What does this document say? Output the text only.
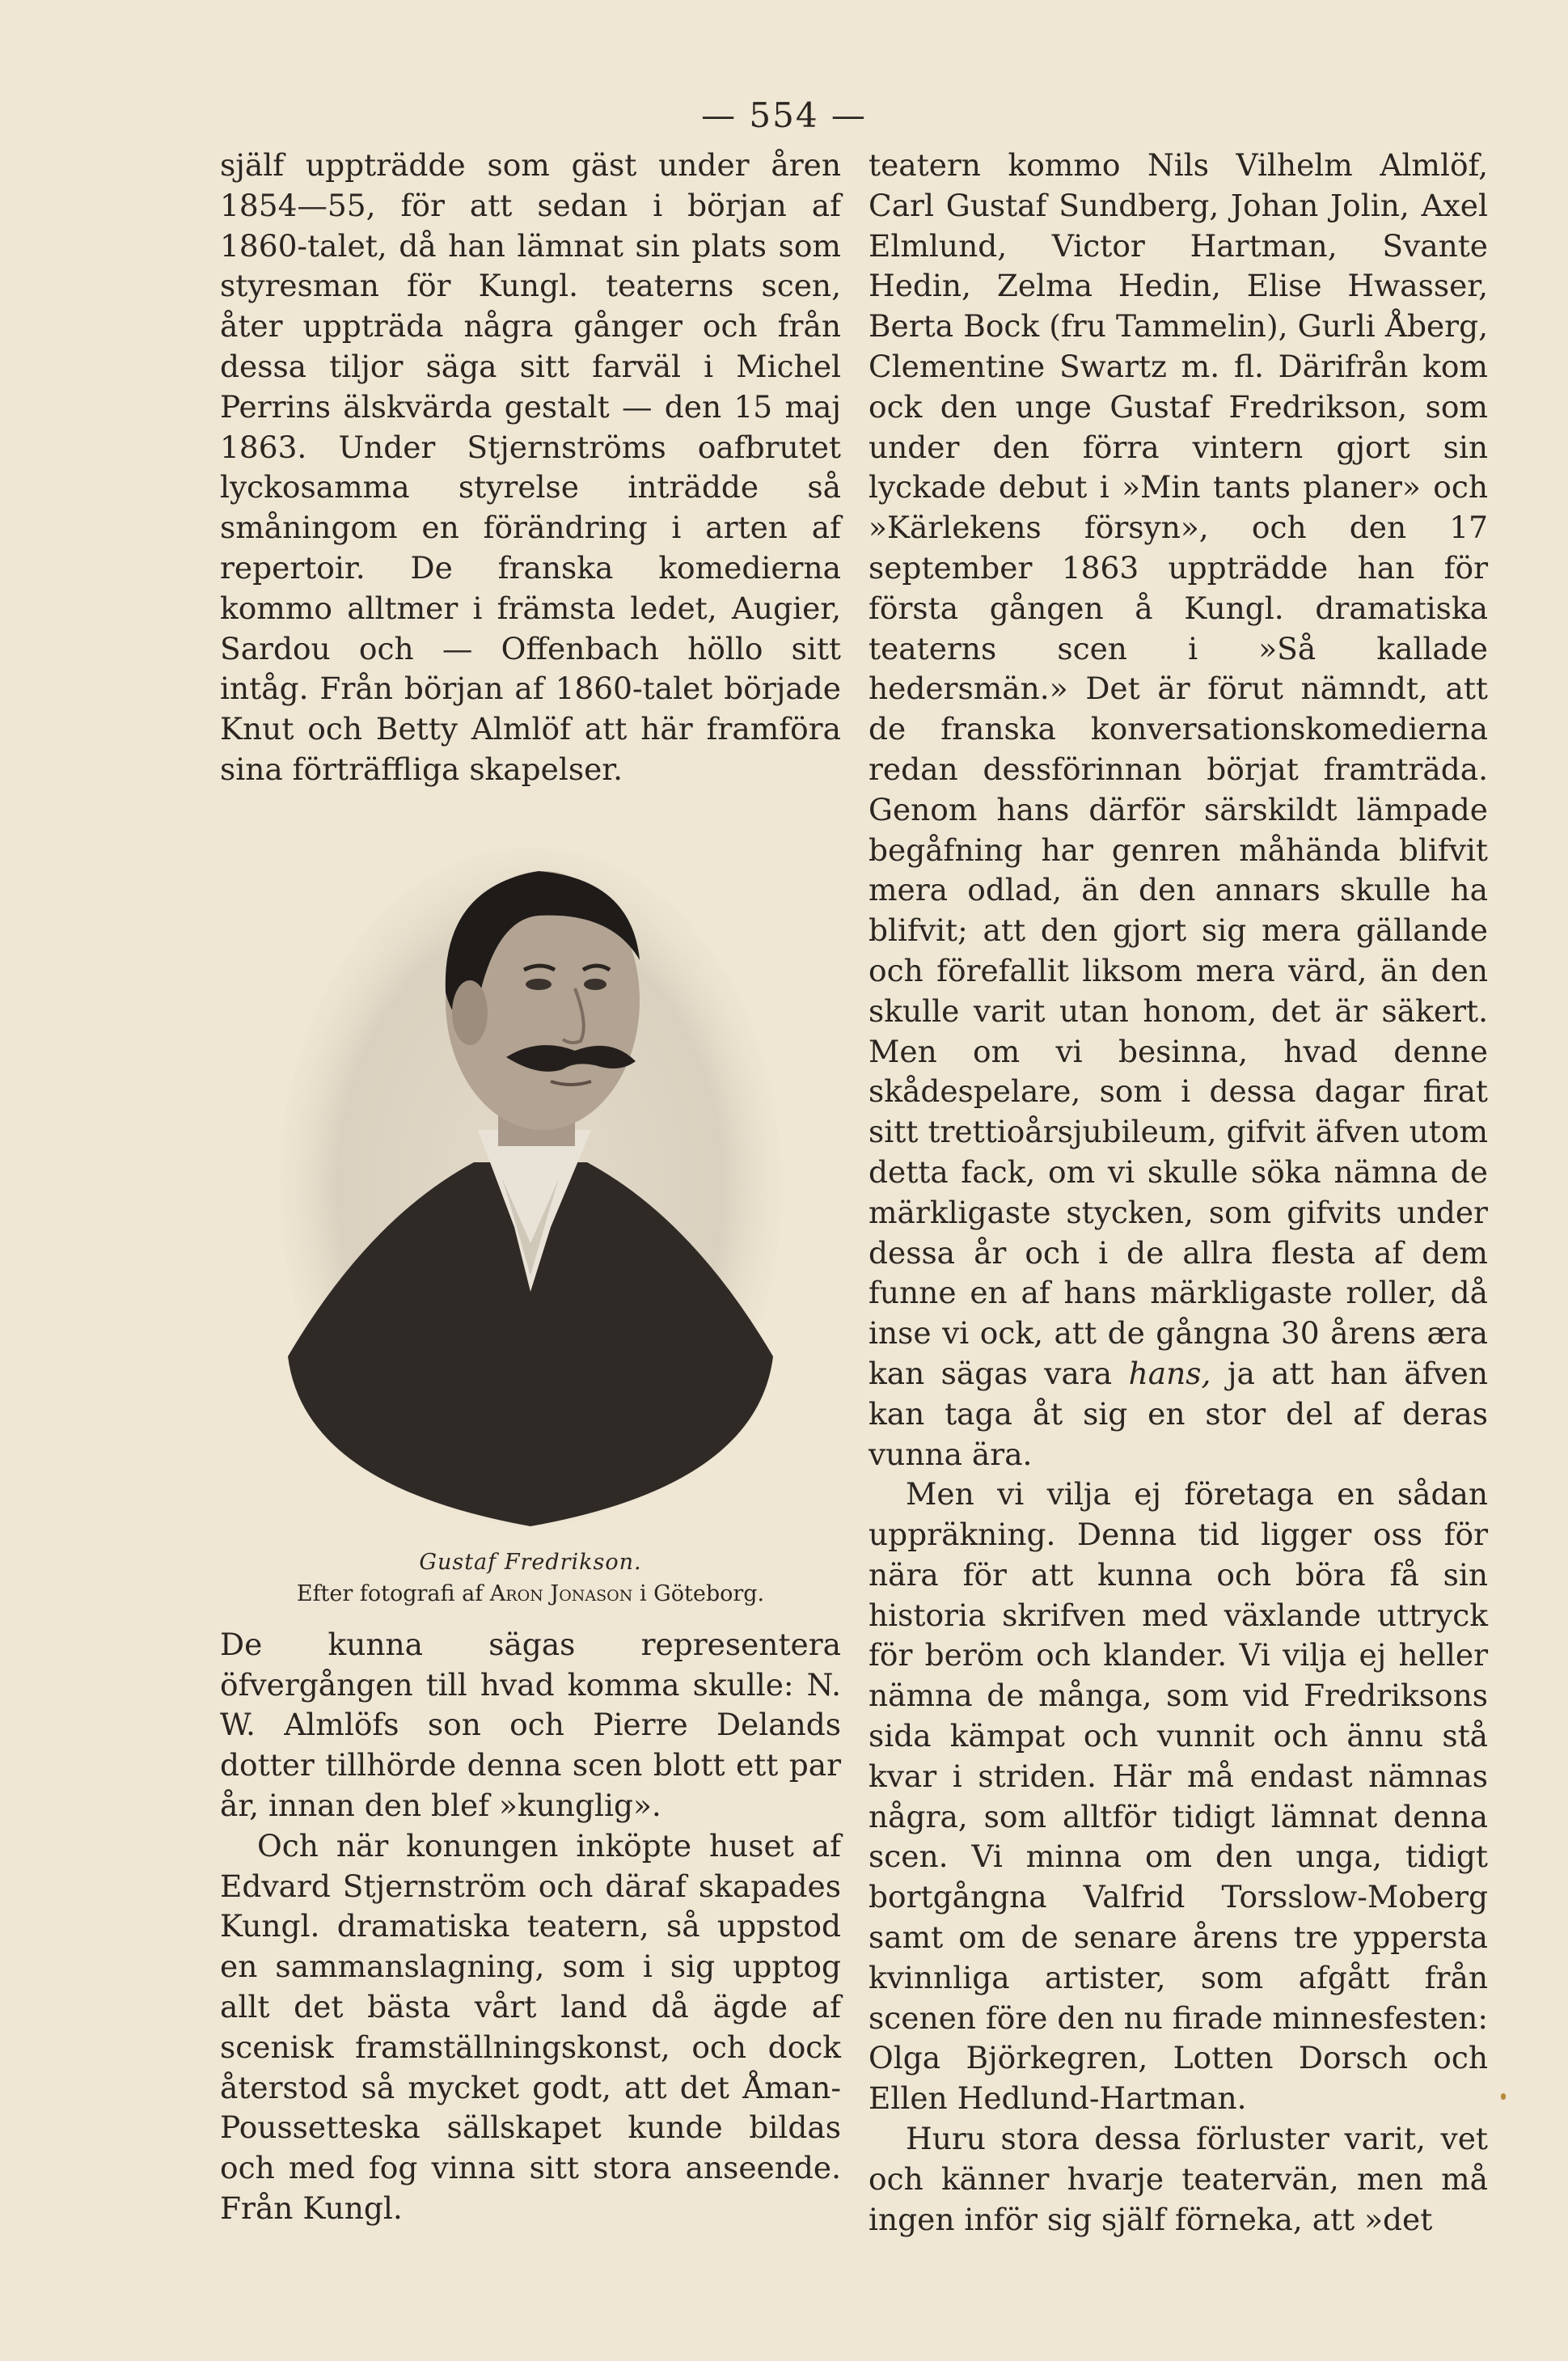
— 554 —

själf uppträdde som gäst under åren 1854—55, för att sedan i början af 1860-talet, då han lämnat sin plats som styresman för Kungl. teaterns scen, åter uppträda några gånger och från dessa tiljor säga sitt farväl i Michel Perrins älskvärda gestalt — den 15 maj 1863. Under Stjernströms oafbrutet lyckosamma styrelse inträdde så småningom en förändring i arten af repertoir. De franska komedierna kommo alltmer i främsta ledet, Augier, Sardou och — Offenbach höllo sitt intåg. Från början af 1860-talet började Knut och Betty Almlöf att här framföra sina förträffliga skapelser.

Gustaf Fredrikson.
Efter fotografi af Aron Jonason i Göteborg.

De kunna sägas representera öfvergången till hvad komma skulle: N. W. Almlöfs son och Pierre Delands dotter tillhörde denna scen blott ett par år, innan den blef »kunglig».

Och när konungen inköpte huset af Edvard Stjernström och däraf skapades Kungl. dramatiska teatern, så uppstod en sammanslagning, som i sig upptog allt det bästa vårt land då ägde af scenisk framställningskonst, och dock återstod så mycket godt, att det Åman-Poussetteska sällskapet kunde bildas och med fog vinna sitt stora anseende. Från Kungl.

teatern kommo Nils Vilhelm Almlöf, Carl Gustaf Sundberg, Johan Jolin, Axel Elmlund, Victor Hartman, Svante Hedin, Zelma Hedin, Elise Hwasser, Berta Bock (fru Tammelin), Gurli Åberg, Clementine Swartz m. fl. Därifrån kom ock den unge Gustaf Fredrikson, som under den förra vintern gjort sin lyckade debut i »Min tants planer» och »Kärlekens försyn», och den 17 september 1863 uppträdde han för första gången å Kungl. dramatiska teaterns scen i »Så kallade hedersmän.» Det är förut nämndt, att de franska konversationskomedierna redan dessförinnan börjat framträda. Genom hans därför särskildt lämpade begåfning har genren måhända blifvit mera odlad, än den annars skulle ha blifvit; att den gjort sig mera gällande och förefallit liksom mera värd, än den skulle varit utan honom, det är säkert. Men om vi besinna, hvad denne skådespelare, som i dessa dagar firat sitt trettioårsjubileum, gifvit äfven utom detta fack, om vi skulle söka nämna de märkligaste stycken, som gifvits under dessa år och i de allra flesta af dem funne en af hans märkligaste roller, då inse vi ock, att de gångna 30 årens æra kan sägas vara hans, ja att han äfven kan taga åt sig en stor del af deras vunna ära.

Men vi vilja ej företaga en sådan uppräkning. Denna tid ligger oss för nära för att kunna och böra få sin historia skrifven med växlande uttryck för beröm och klander. Vi vilja ej heller nämna de många, som vid Fredriksons sida kämpat och vunnit och ännu stå kvar i striden. Här må endast nämnas några, som alltför tidigt lämnat denna scen. Vi minna om den unga, tidigt bortgångna Valfrid Torsslow-Moberg samt om de senare årens tre yppersta kvinnliga artister, som afgått från scenen före den nu firade minnesfesten: Olga Björkegren, Lotten Dorsch och Ellen Hedlund-Hartman.

Huru stora dessa förluster varit, vet och känner hvarje teatervän, men må ingen inför sig själf förneka, att »det
